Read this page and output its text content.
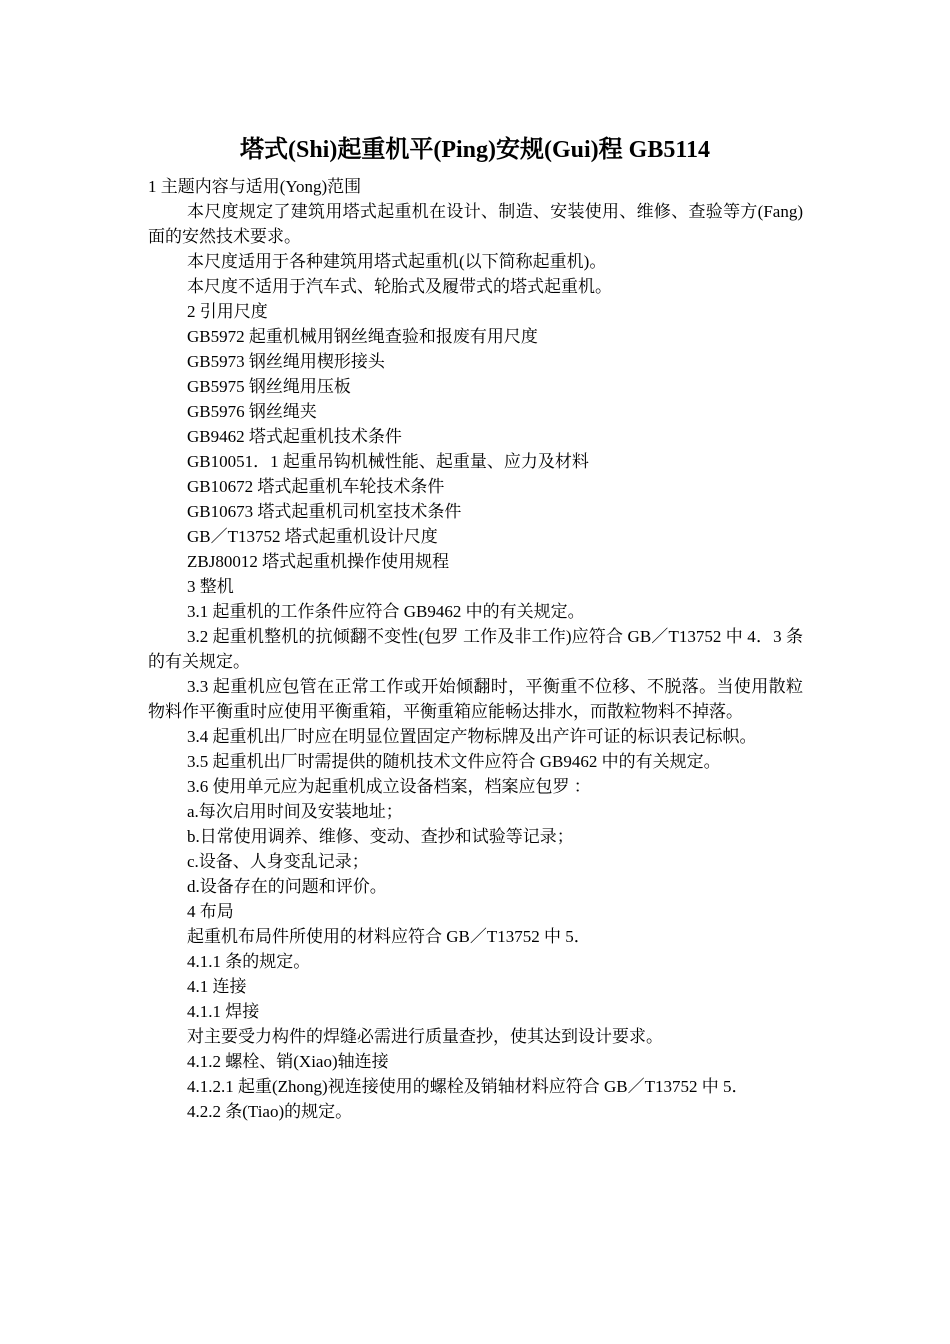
塔式(Shi)起重机平(Ping)安规(Gui)程 GB5114

1 主题内容与适用(Yong)范围

本尺度规定了建筑用塔式起重机在设计、制造、安装使用、维修、查验等方(Fang)面的安然技术要求。

本尺度适用于各种建筑用塔式起重机(以下简称起重机)。

本尺度不适用于汽车式、轮胎式及履带式的塔式起重机。

2 引用尺度

GB5972 起重机械用钢丝绳查验和报废有用尺度

GB5973 钢丝绳用楔形接头

GB5975 钢丝绳用压板

GB5976 钢丝绳夹

GB9462 塔式起重机技术条件

GB10051．1 起重吊钩机械性能、起重量、应力及材料

GB10672 塔式起重机车轮技术条件

GB10673 塔式起重机司机室技术条件

GB／T13752 塔式起重机设计尺度

ZBJ80012 塔式起重机操作使用规程

3 整机

3.1 起重机的工作条件应符合 GB9462 中的有关规定。

3.2 起重机整机的抗倾翻不变性(包罗 工作及非工作)应符合 GB／T13752 中 4．3 条的有关规定。

3.3 起重机应包管在正常工作或开始倾翻时，平衡重不位移、不脱落。当使用散粒物料作平衡重时应使用平衡重箱，平衡重箱应能畅达排水，而散粒物料不掉落。

3.4 起重机出厂时应在明显位置固定产物标牌及出产许可证的标识表记标帜。

3.5 起重机出厂时需提供的随机技术文件应符合 GB9462 中的有关规定。

3.6 使用单元应为起重机成立设备档案，档案应包罗 ：

a.每次启用时间及安装地址；

b.日常使用调养、维修、变动、查抄和试验等记录；

c.设备、人身变乱记录；

d.设备存在的问题和评价。

4 布局

起重机布局件所使用的材料应符合 GB／T13752 中 5．

4.1.1 条的规定。

4.1 连接

4.1.1 焊接

对主要受力构件的焊缝必需进行质量查抄，使其达到设计要求。

4.1.2 螺栓、销(Xiao)轴连接

4.1.2.1 起重(Zhong)视连接使用的螺栓及销轴材料应符合 GB／T13752 中 5．

4.2.2 条(Tiao)的规定。
